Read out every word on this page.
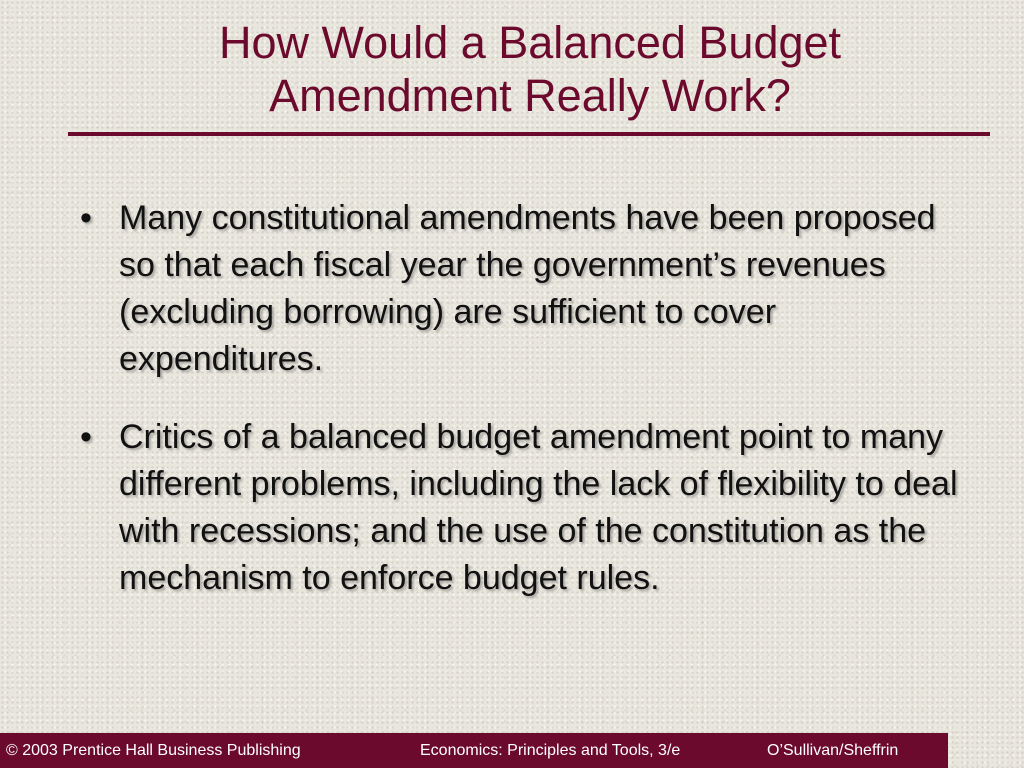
How Would a Balanced Budget
Amendment Really Work?
• Many constitutional amendments have been proposed so that each fiscal year the government’s revenues (excluding borrowing) are sufficient to cover expenditures.
• Critics of a balanced budget amendment point to many different problems, including the lack of flexibility to deal with recessions; and the use of the constitution as the mechanism to enforce budget rules.
© 2003 Prentice Hall Business Publishing	Economics: Principles and Tools, 3/e	O’Sullivan/Sheffrin
